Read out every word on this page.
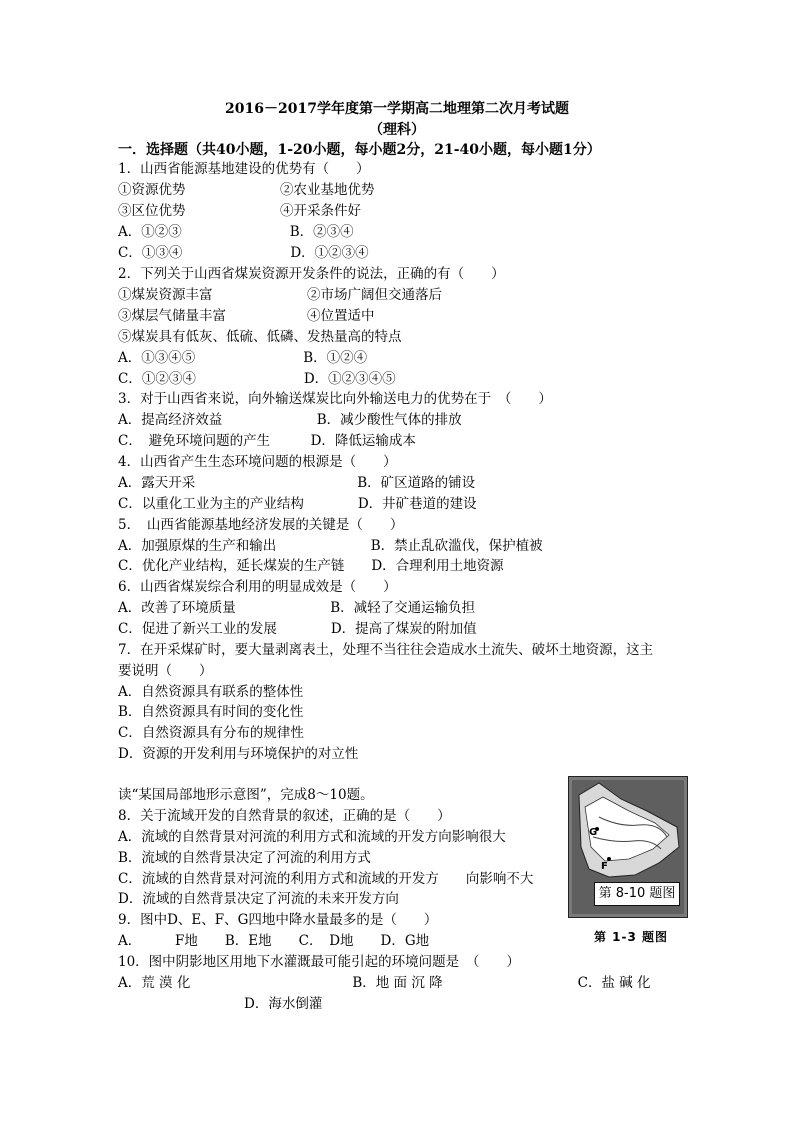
2016－2017学年度第一学期高二地理第二次月考试题
（理科）
一．选择题（共40小题，1-20小题，每小题2分，21-40小题，每小题1分）
1．山西省能源基地建设的优势有（　　）
①资源优势　　　　　　　②农业基地优势
③区位优势　　　　　　　④开采条件好
A．①②③　　　　　　　　B．②③④
C．①③④　　　　　　　　D．①②③④
2．下列关于山西省煤炭资源开发条件的说法，正确的有（　　）
①煤炭资源丰富　　　　　　　②市场广阔但交通落后
③煤层气储量丰富　　　　　　④位置适中
⑤煤炭具有低灰、低硫、低磷、发热量高的特点
A．①③④⑤　　　　　　　　B．①②④
C．①②③④　　　　　　　　D．①②③④⑤
3．对于山西省来说，向外输送煤炭比向外输送电力的优势在于　（　　）
A．提高经济效益　　　　　　　B．减少酸性气体的排放
C．　避免环境问题的产生　　　D．降低运输成本
4．山西省产生生态环境问题的根源是（　　）
A．露天开采　　　　　　　　　　　　B．矿区道路的铺设
C．以重化工业为主的产业结构　　　　D．井矿巷道的建设
5．　山西省能源基地经济发展的关键是（　　）
A．加强原煤的生产和输出　　　　　　　B．禁止乱砍滥伐，保护植被
C．优化产业结构，延长煤炭的生产链　　D．合理利用土地资源
6．山西省煤炭综合利用的明显成效是（　　）
A．改善了环境质量　　　　　　　B．减轻了交通运输负担
C．促进了新兴工业的发展　　　　D．提高了煤炭的附加值
7．在开采煤矿时，要大量剥离表土，处理不当往往会造成水土流失、破坏土地资源，这主
要说明（　　）
A．自然资源具有联系的整体性
B．自然资源具有时间的变化性
C．自然资源具有分布的规律性
D．资源的开发利用与环境保护的对立性
读“某国局部地形示意图”，完成8～10题。
8．关于流域开发的自然背景的叙述，正确的是（　　）
A．流域的自然背景对河流的利用方式和流域的开发方向影响很大
B．流域的自然背景决定了河流的利用方式
C．流域的自然背景对河流的利用方式和流域的开发方　　向影响不大
D．流域的自然背景决定了河流的未来开发方向
9．图中D、E、F、G四地中降水量最多的是（　　）
A．　　　F地　　B．E地　　C．　D地　　D．G地
10．图中阴影地区用地下水灌溉最可能引起的环境问题是　（　　）
A．荒 漠 化　　　　　　　　　　　　B．地 面 沉 降　　　　　　　　　　C．盐 碱 化
D．海水倒灌
G
F
第 8-10 题图
第 1-3 题图
